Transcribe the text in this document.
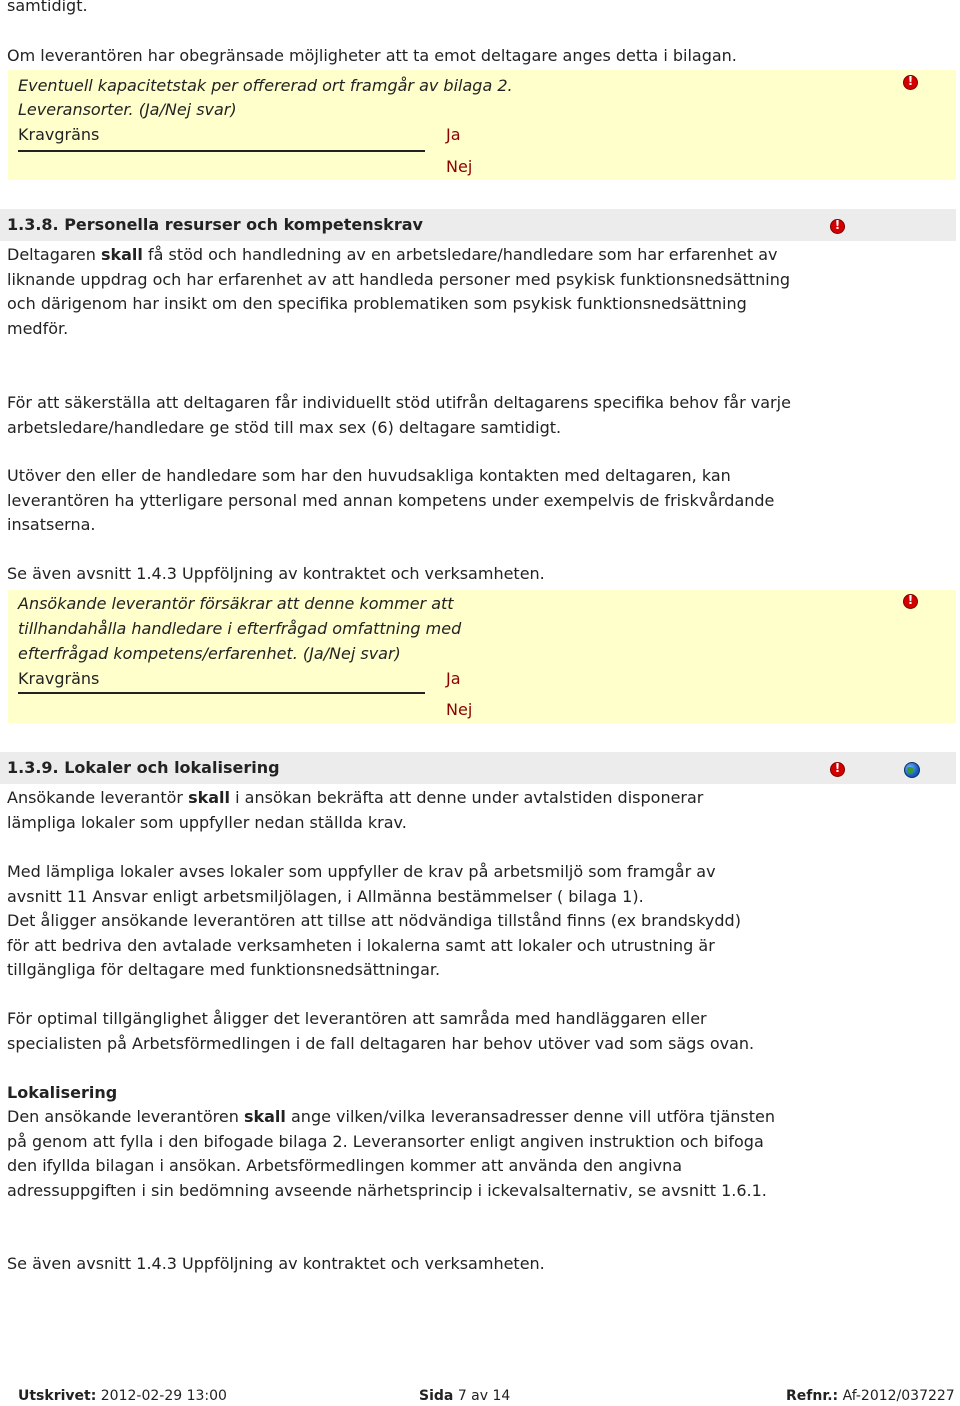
samtidigt.

Om leverantören har obegränsade möjligheter att ta emot deltagare anges detta i bilagan.

Eventuell kapacitetstak per offererad ort framgår av bilaga 2.

Leveransorter. (Ja/Nej svar)

Kravgräns	Ja
Nej
!
1.3.8. Personella resurser och kompetenskrav
!

Deltagaren skall få stöd och handledning av en arbetsledare/handledare som har erfarenhet av liknande uppdrag och har erfarenhet av att handleda personer med psykisk funktionsnedsättning och därigenom har insikt om den specifika problematiken som psykisk funktionsnedsättning medför.

För att säkerställa att deltagaren får individuellt stöd utifrån deltagarens specifika behov får varje arbetsledare/handledare ge stöd till max sex (6) deltagare samtidigt.

Utöver den eller de handledare som har den huvudsakliga kontakten med deltagaren, kan leverantören ha ytterligare personal med annan kompetens under exempelvis de friskvårdande insatserna.

Se även avsnitt 1.4.3 Uppföljning av kontraktet och verksamheten.

Ansökande leverantör försäkrar att denne kommer att

tillhandahålla handledare i efterfrågad omfattning med

efterfrågad kompetens/erfarenhet. (Ja/Nej svar)

Kravgräns	Ja
Nej
!
1.3.9. Lokaler och lokalisering
!

Ansökande leverantör skall i ansökan bekräfta att denne under avtalstiden disponerar lämpliga lokaler som uppfyller nedan ställda krav.

Med lämpliga lokaler avses lokaler som uppfyller de krav på arbetsmiljö som framgår av avsnitt 11 Ansvar enligt arbetsmiljölagen, i Allmänna bestämmelser ( bilaga 1).

Det åligger ansökande leverantören att tillse att nödvändiga tillstånd finns (ex brandskydd) för att bedriva den avtalade verksamheten i lokalerna samt att lokaler och utrustning är tillgängliga för deltagare med funktionsnedsättningar.

För optimal tillgänglighet åligger det leverantören att samråda med handläggaren eller specialisten på Arbetsförmedlingen i de fall deltagaren har behov utöver vad som sägs ovan.

Lokalisering

Den ansökande leverantören skall ange vilken/vilka leveransadresser denne vill utföra tjänsten på genom att fylla i den bifogade bilaga 2. Leveransorter enligt angiven instruktion och bifoga den ifyllda bilagan i ansökan. Arbetsförmedlingen kommer att använda den angivna adressuppgiften i sin bedömning avseende närhetsprincip i ickevalsalternativ, se avsnitt 1.6.1.

Se även avsnitt 1.4.3 Uppföljning av kontraktet och verksamheten.

Utskrivet: 2012-02-29 13:00	Sida 7 av 14	Refnr.: Af-2012/037227
